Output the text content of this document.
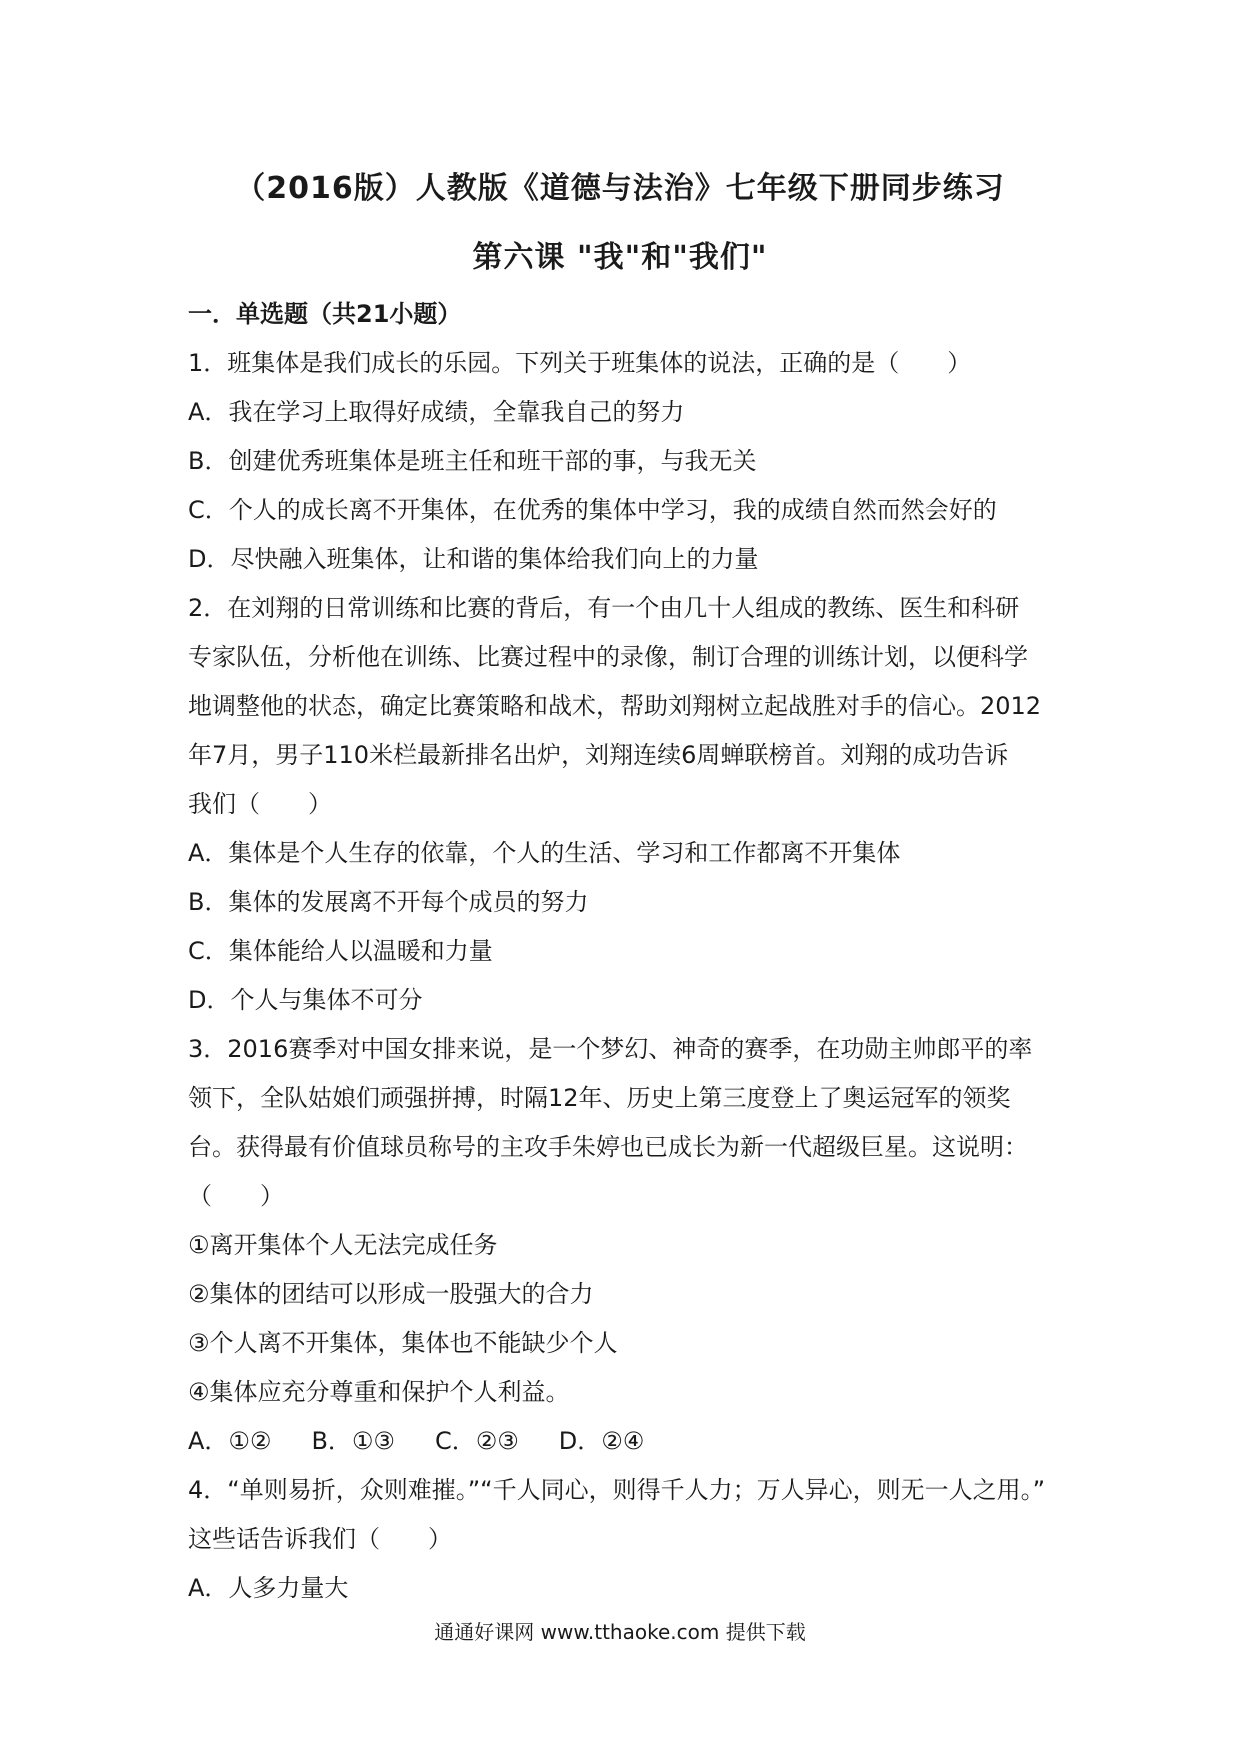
（2016版）人教版《道德与法治》七年级下册同步练习
第六课 "我"和"我们"
一．单选题（共21小题）
1．班集体是我们成长的乐园。下列关于班集体的说法，正确的是（　　）
A．我在学习上取得好成绩，全靠我自己的努力
B．创建优秀班集体是班主任和班干部的事，与我无关
C．个人的成长离不开集体，在优秀的集体中学习，我的成绩自然而然会好的
D．尽快融入班集体，让和谐的集体给我们向上的力量
2．在刘翔的日常训练和比赛的背后，有一个由几十人组成的教练、医生和科研
专家队伍，分析他在训练、比赛过程中的录像，制订合理的训练计划，以便科学
地调整他的状态，确定比赛策略和战术，帮助刘翔树立起战胜对手的信心。2012
年7月，男子110米栏最新排名出炉，刘翔连续6周蝉联榜首。刘翔的成功告诉
我们（　　）
A．集体是个人生存的依靠，个人的生活、学习和工作都离不开集体
B．集体的发展离不开每个成员的努力
C．集体能给人以温暖和力量
D．个人与集体不可分
3．2016赛季对中国女排来说，是一个梦幻、神奇的赛季，在功勋主帅郎平的率
领下，全队姑娘们顽强拼搏，时隔12年、历史上第三度登上了奥运冠军的领奖
台。获得最有价值球员称号的主攻手朱婷也已成长为新一代超级巨星。这说明：
（　　）
①离开集体个人无法完成任务
②集体的团结可以形成一股强大的合力
③个人离不开集体，集体也不能缺少个人
④集体应充分尊重和保护个人利益。
A．①② B．①③ C．②③ D．②④
4．“单则易折，众则难摧。”“千人同心，则得千人力；万人异心，则无一人之用。”
这些话告诉我们（　　）
A．人多力量大
通通好课网 www.tthaoke.com 提供下载
